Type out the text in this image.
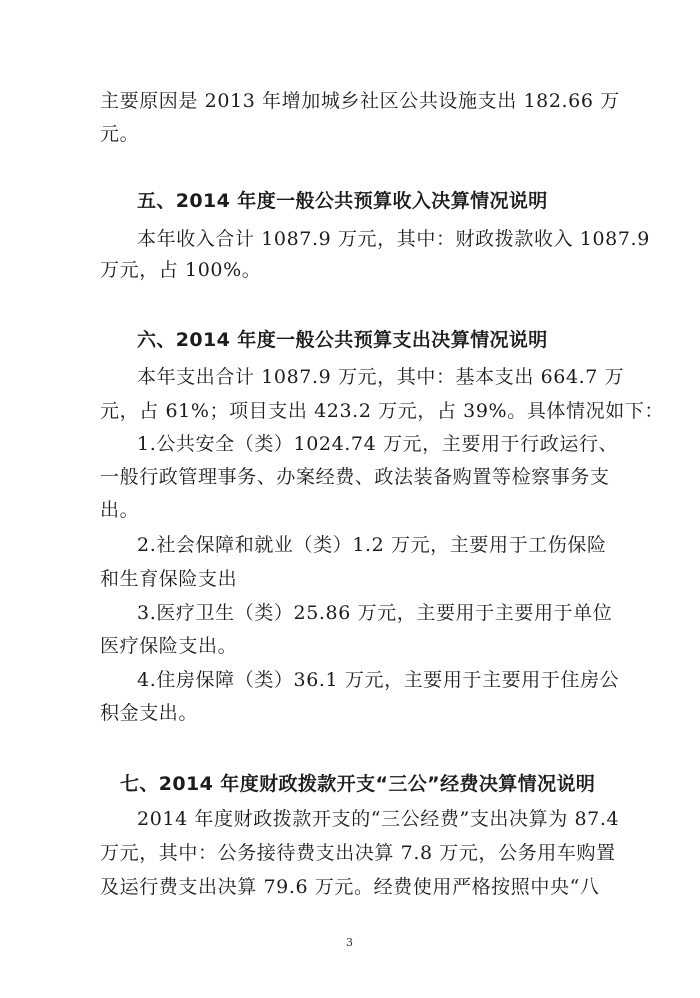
主要原因是 2013 年增加城乡社区公共设施支出 182.66 万
元。
五、2014 年度一般公共预算收入决算情况说明
本年收入合计 1087.9 万元，其中：财政拨款收入 1087.9
万元，占 100%。
六、2014 年度一般公共预算支出决算情况说明
本年支出合计 1087.9 万元，其中：基本支出 664.7 万
元，占 61%；项目支出 423.2 万元，占 39%。具体情况如下：
1.公共安全（类）1024.74 万元，主要用于行政运行、
一般行政管理事务、办案经费、政法装备购置等检察事务支
出。
2.社会保障和就业（类）1.2 万元，主要用于工伤保险
和生育保险支出
3.医疗卫生（类）25.86 万元，主要用于主要用于单位
医疗保险支出。
4.住房保障（类）36.1 万元，主要用于主要用于住房公
积金支出。
七、2014 年度财政拨款开支“三公”经费决算情况说明
2014 年度财政拨款开支的“三公经费”支出决算为 87.4
万元，其中：公务接待费支出决算 7.8 万元，公务用车购置
及运行费支出决算 79.6 万元。经费使用严格按照中央“八
3
